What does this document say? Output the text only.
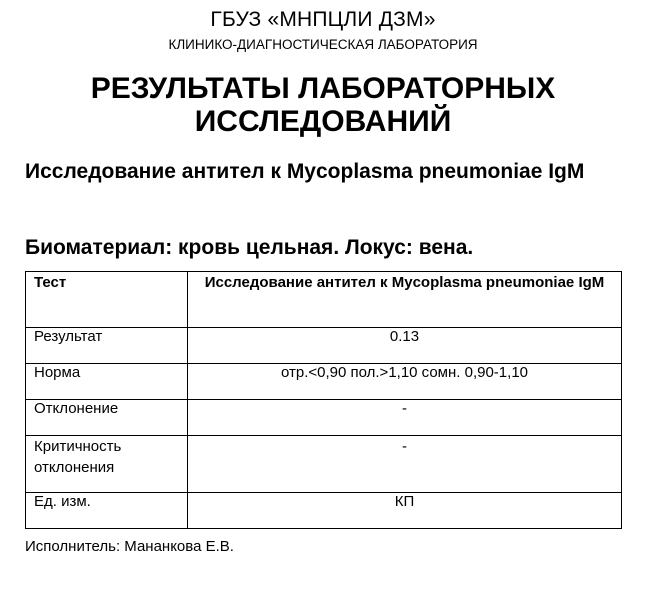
ГБУЗ «МНПЦЛИ ДЗМ»
КЛИНИКО-ДИАГНОСТИЧЕСКАЯ ЛАБОРАТОРИЯ
РЕЗУЛЬТАТЫ ЛАБОРАТОРНЫХ
ИССЛЕДОВАНИЙ
Исследование антител к Mycoplasma pneumoniae IgM
Биоматериал: кровь цельная. Локус: вена.
Тест	Исследование антител к Mycoplasma pneumoniae IgM
Результат	0.13
Норма	отр.<0,90 пол.>1,10 сомн. 0,90-1,10
Отклонение	-
Критичность отклонения	-
Ед. изм.	КП
Исполнитель: Мананкова Е.В.
